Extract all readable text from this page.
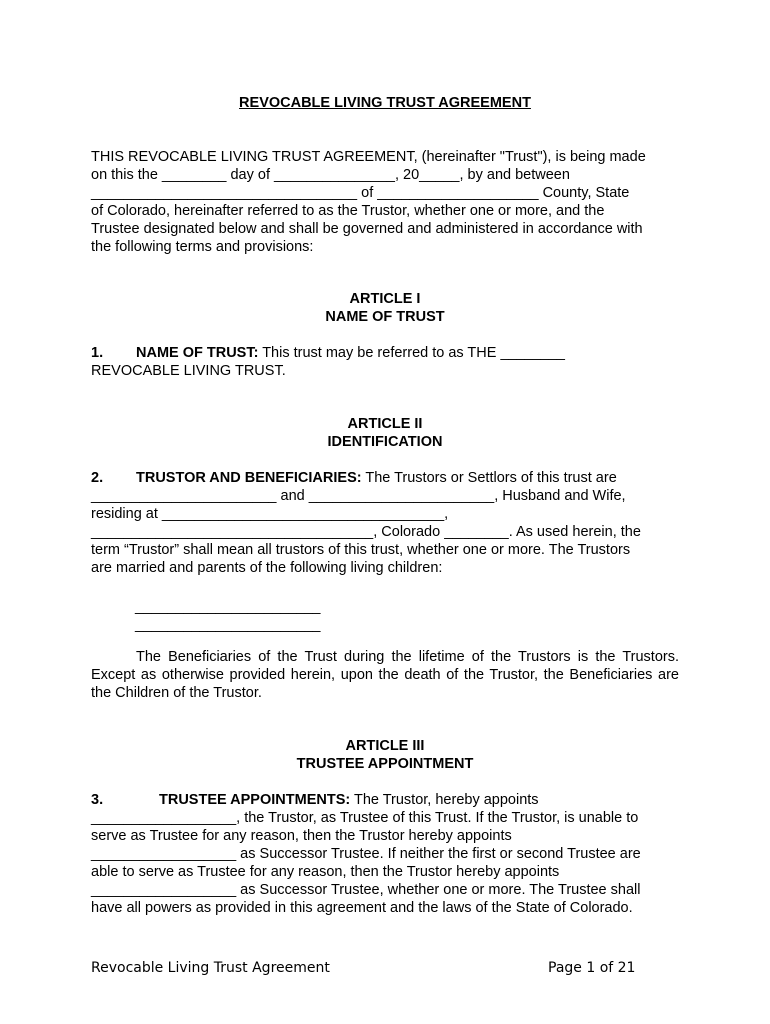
REVOCABLE LIVING TRUST AGREEMENT
THIS REVOCABLE LIVING TRUST AGREEMENT, (hereinafter "Trust"), is being made
on this the ________ day of _______________, 20_____, by and between
_________________________________ of ____________________ County, State
of Colorado, hereinafter referred to as the Trustor, whether one or more, and the
Trustee designated below and shall be governed and administered in accordance with
the following terms and provisions:
ARTICLE I
NAME OF TRUST
1. NAME OF TRUST: This trust may be referred to as THE ________
REVOCABLE LIVING TRUST.
ARTICLE II
IDENTIFICATION
2. TRUSTOR AND BENEFICIARIES: The Trustors or Settlors of this trust are
_______________________ and _______________________, Husband and Wife,
residing at ___________________________________,
___________________________________, Colorado ________. As used herein, the
term “Trustor” shall mean all trustors of this trust, whether one or more. The Trustors
are married and parents of the following living children:
_______________________
_______________________
The Beneficiaries of the Trust during the lifetime of the Trustors is the Trustors. Except as otherwise provided herein, upon the death of the Trustor, the Beneficiaries are the Children of the Trustor.
ARTICLE III
TRUSTEE APPOINTMENT
3.	TRUSTEE APPOINTMENTS: The Trustor, hereby appoints
__________________, the Trustor, as Trustee of this Trust. If the Trustor, is unable to
serve as Trustee for any reason, then the Trustor hereby appoints
__________________ as Successor Trustee. If neither the first or second Trustee are
able to serve as Trustee for any reason, then the Trustor hereby appoints
__________________ as Successor Trustee, whether one or more. The Trustee shall
have all powers as provided in this agreement and the laws of the State of Colorado.
Revocable Living Trust Agreement	Page 1 of 21
